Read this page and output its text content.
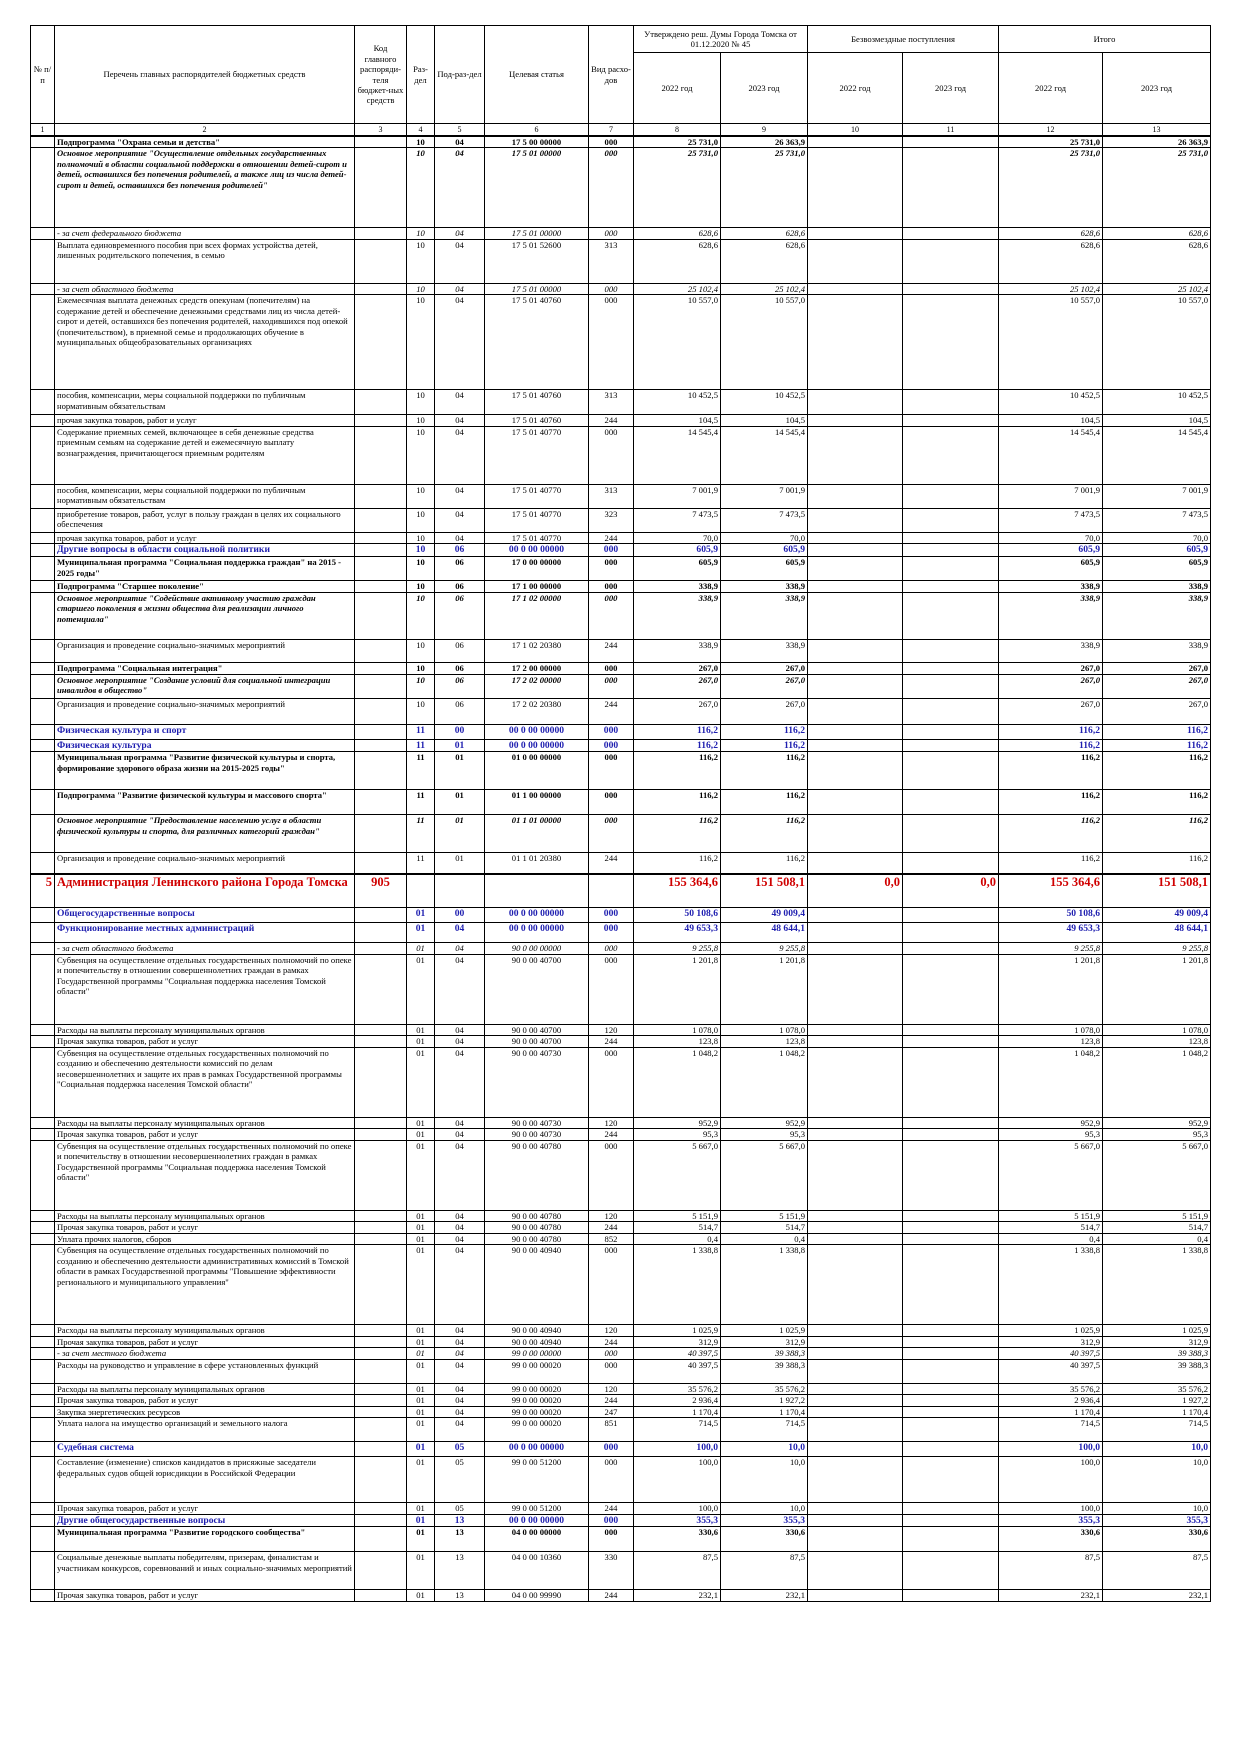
№ п/п	Перечень главных распорядителей бюджетных средств	Код главного распоряди-теля бюджет-ных средств	Раз-дел	Под-раз-дел	Целевая статья	Вид расхо-дов	Утверждено реш. Думы Города Томска от 01.12.2020 № 45		Безвозмездные поступления		Итого	
							2022 год	2023 год	2022 год	2023 год	2022 год	2023 год
1	2	3	4	5	6	7	8	9	10	11	12	13
	Подпрограмма "Охрана семьи и детства"		10	04	17 5 00 00000	000	25 731,0	26 363,9			25 731,0	26 363,9
	Основное мероприятие "Осуществление отдельных государственных полномочий в области социальной поддержки в отношении детей-сирот и детей, оставшихся без попечения родителей, а также лиц из числа детей-сирот и детей, оставшихся без попечения родителей"		10	04	17 5 01 00000	000	25 731,0	25 731,0			25 731,0	25 731,0
	- за счет федерального бюджета		10	04	17 5 01 00000	000	628,6	628,6			628,6	628,6
	Выплата единовременного пособия при всех формах устройства детей, лишенных родительского попечения, в семью		10	04	17 5 01 52600	313	628,6	628,6			628,6	628,6
	- за счет областного бюджета		10	04	17 5 01 00000	000	25 102,4	25 102,4			25 102,4	25 102,4
	Ежемесячная выплата денежных средств опекунам (попечителям) на содержание детей и обеспечение денежными средствами лиц из числа детей-сирот и детей, оставшихся без попечения родителей, находившихся под опекой (попечительством), в приемной семье и продолжающих обучение в муниципальных общеобразовательных организациях		10	04	17 5 01 40760	000	10 557,0	10 557,0			10 557,0	10 557,0
	пособия, компенсации, меры социальной поддержки по публичным нормативным обязательствам		10	04	17 5 01 40760	313	10 452,5	10 452,5			10 452,5	10 452,5
	прочая закупка товаров, работ и услуг		10	04	17 5 01 40760	244	104,5	104,5			104,5	104,5
	Содержание приемных семей, включающее в себя денежные средства приемным семьям на содержание детей и ежемесячную выплату вознаграждения, причитающегося приемным родителям		10	04	17 5 01 40770	000	14 545,4	14 545,4			14 545,4	14 545,4
	пособия, компенсации, меры социальной поддержки по публичным нормативным обязательствам		10	04	17 5 01 40770	313	7 001,9	7 001,9			7 001,9	7 001,9
	приобретение товаров, работ, услуг в пользу граждан в целях их социального обеспечения		10	04	17 5 01 40770	323	7 473,5	7 473,5			7 473,5	7 473,5
	прочая закупка товаров, работ и услуг		10	04	17 5 01 40770	244	70,0	70,0			70,0	70,0
	Другие вопросы в области социальной политики		10	06	00 0 00 00000	000	605,9	605,9			605,9	605,9
	Муниципальная программа "Социальная поддержка граждан" на 2015 - 2025 годы"		10	06	17 0 00 00000	000	605,9	605,9			605,9	605,9
	Подпрограмма "Старшее поколение"		10	06	17 1 00 00000	000	338,9	338,9			338,9	338,9
	Основное мероприятие "Содействие активному участию граждан старшего поколения в жизни общества для реализации личного потенциала"		10	06	17 1 02 00000	000	338,9	338,9			338,9	338,9
	Организация и проведение социально-значимых мероприятий		10	06	17 1 02 20380	244	338,9	338,9			338,9	338,9
	Подпрограмма "Социальная интеграция"		10	06	17 2 00 00000	000	267,0	267,0			267,0	267,0
	Основное мероприятие "Создание условий для социальной интеграции инвалидов в общество"		10	06	17 2 02 00000	000	267,0	267,0			267,0	267,0
	Организация и проведение социально-значимых мероприятий		10	06	17 2 02 20380	244	267,0	267,0			267,0	267,0
	Физическая культура и спорт		11	00	00 0 00 00000	000	116,2	116,2			116,2	116,2
	Физическая культура		11	01	00 0 00 00000	000	116,2	116,2			116,2	116,2
	Муниципальная программа "Развитие физической культуры и спорта, формирование здорового образа жизни на 2015-2025 годы"		11	01	01 0 00 00000	000	116,2	116,2			116,2	116,2
	Подпрограмма "Развитие физической культуры и массового спорта"		11	01	01 1 00 00000	000	116,2	116,2			116,2	116,2
	Основное мероприятие "Предоставление населению услуг в области физической культуры и спорта, для различных категорий граждан"		11	01	01 1 01 00000	000	116,2	116,2			116,2	116,2
	Организация и проведение социально-значимых мероприятий		11	01	01 1 01 20380	244	116,2	116,2			116,2	116,2
5	Администрация Ленинского района Города Томска	905					155 364,6	151 508,1	0,0	0,0	155 364,6	151 508,1
	Общегосударственные вопросы		01	00	00 0 00 00000	000	50 108,6	49 009,4			50 108,6	49 009,4
	Функционирование местных администраций		01	04	00 0 00 00000	000	49 653,3	48 644,1			49 653,3	48 644,1
	- за счет областного бюджета		01	04	90 0 00 00000	000	9 255,8	9 255,8			9 255,8	9 255,8
	Субвенция на осуществление отдельных государственных полномочий по опеке и попечительству в отношении совершеннолетних граждан в рамках Государственной программы "Социальная поддержка населения Томской области"		01	04	90 0 00 40700	000	1 201,8	1 201,8			1 201,8	1 201,8
	Расходы на выплаты персоналу муниципальных органов		01	04	90 0 00 40700	120	1 078,0	1 078,0			1 078,0	1 078,0
	Прочая закупка товаров, работ и услуг		01	04	90 0 00 40700	244	123,8	123,8			123,8	123,8
	Субвенция на осуществление отдельных государственных полномочий по созданию и обеспечению деятельности комиссий по делам несовершеннолетних и защите их прав в рамках Государственной программы "Социальная поддержка населения Томской области"		01	04	90 0 00 40730	000	1 048,2	1 048,2			1 048,2	1 048,2
	Расходы на выплаты персоналу муниципальных органов		01	04	90 0 00 40730	120	952,9	952,9			952,9	952,9
	Прочая закупка товаров, работ и услуг		01	04	90 0 00 40730	244	95,3	95,3			95,3	95,3
	Субвенция на осуществление отдельных государственных полномочий по опеке и попечительству в отношении несовершеннолетних граждан в рамках Государственной программы "Социальная поддержка населения Томской области"		01	04	90 0 00 40780	000	5 667,0	5 667,0			5 667,0	5 667,0
	Расходы на выплаты персоналу муниципальных органов		01	04	90 0 00 40780	120	5 151,9	5 151,9			5 151,9	5 151,9
	Прочая закупка товаров, работ и услуг		01	04	90 0 00 40780	244	514,7	514,7			514,7	514,7
	Уплата прочих налогов, сборов		01	04	90 0 00 40780	852	0,4	0,4			0,4	0,4
	Субвенция на осуществление отдельных государственных полномочий по созданию и обеспечению деятельности административных комиссий в Томской области в рамках Государственной программы "Повышение эффективности регионального и муниципального управления"		01	04	90 0 00 40940	000	1 338,8	1 338,8			1 338,8	1 338,8
	Расходы на выплаты персоналу муниципальных органов		01	04	90 0 00 40940	120	1 025,9	1 025,9			1 025,9	1 025,9
	Прочая закупка товаров, работ и услуг		01	04	90 0 00 40940	244	312,9	312,9			312,9	312,9
	- за счет местного бюджета		01	04	99 0 00 00000	000	40 397,5	39 388,3			40 397,5	39 388,3
	Расходы на руководство и управление в сфере установленных функций		01	04	99 0 00 00020	000	40 397,5	39 388,3			40 397,5	39 388,3
	Расходы на выплаты персоналу муниципальных органов		01	04	99 0 00 00020	120	35 576,2	35 576,2			35 576,2	35 576,2
	Прочая закупка товаров, работ и услуг		01	04	99 0 00 00020	244	2 936,4	1 927,2			2 936,4	1 927,2
	Закупка энергетических ресурсов		01	04	99 0 00 00020	247	1 170,4	1 170,4			1 170,4	1 170,4
	Уплата налога на имущество организаций и земельного налога		01	04	99 0 00 00020	851	714,5	714,5			714,5	714,5
	Судебная система		01	05	00 0 00 00000	000	100,0	10,0			100,0	10,0
	Составление (изменение) списков кандидатов в присяжные заседатели федеральных судов общей юрисдикции в Российской Федерации		01	05	99 0 00 51200	000	100,0	10,0			100,0	10,0
	Прочая закупка товаров, работ и услуг		01	05	99 0 00 51200	244	100,0	10,0			100,0	10,0
	Другие общегосударственные вопросы		01	13	00 0 00 00000	000	355,3	355,3			355,3	355,3
	Муниципальная программа "Развитие городского сообщества"		01	13	04 0 00 00000	000	330,6	330,6			330,6	330,6
	Социальные денежные выплаты победителям, призерам, финалистам и участникам конкурсов, соревнований и иных социально-значимых мероприятий		01	13	04 0 00 10360	330	87,5	87,5			87,5	87,5
	Прочая закупка товаров, работ и услуг		01	13	04 0 00 99990	244	232,1	232,1			232,1	232,1
